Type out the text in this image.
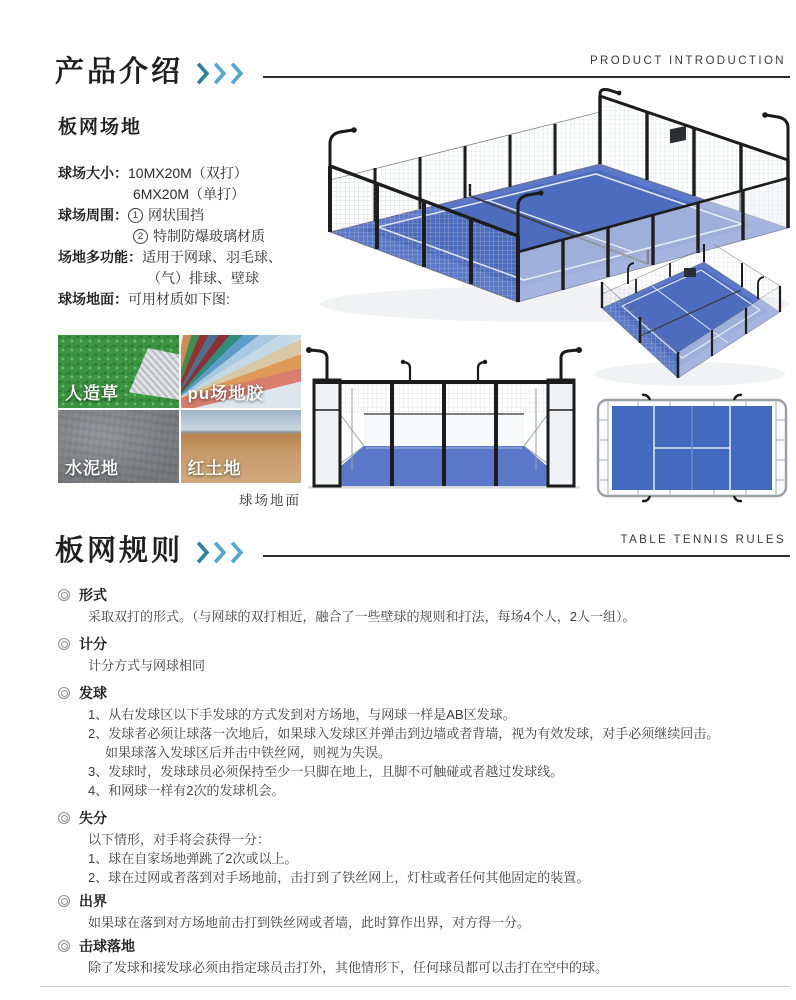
产品介绍	PRODUCT INTRODUCTION
板网场地
球场大小： 10MX20M（双打）
6MX20M（单打）
球场周围： 1 网状围挡
2 特制防爆玻璃材质
场地多功能： 适用于网球、羽毛球、
（气）排球、壁球
球场地面： 可用材质如下图:
人造草	pu场地胶
水泥地	红土地
球场地面
板网规则	TABLE TENNIS RULES
形式
采取双打的形式。（与网球的双打相近，融合了一些壁球的规则和打法，每场4个人，2人一组）。
计分
计分方式与网球相同
发球
1、从右发球区以下手发球的方式发到对方场地，与网球一样是AB区发球。
2、发球者必须让球落一次地后，如果球入发球区并弹击到边墙或者背墙，视为有效发球，对手必须继续回击。
如果球落入发球区后并击中铁丝网，则视为失误。
3、发球时，发球球员必须保持至少一只脚在地上，且脚不可触碰或者越过发球线。
4、和网球一样有2次的发球机会。
失分
以下情形，对手将会获得一分：
1、球在自家场地弹跳了2次或以上。
2、球在过网或者落到对手场地前，击打到了铁丝网上，灯柱或者任何其他固定的装置。
出界
如果球在落到对方场地前击打到铁丝网或者墙，此时算作出界，对方得一分。
击球落地
除了发球和接发球必须由指定球员击打外，其他情形下，任何球员都可以击打在空中的球。
